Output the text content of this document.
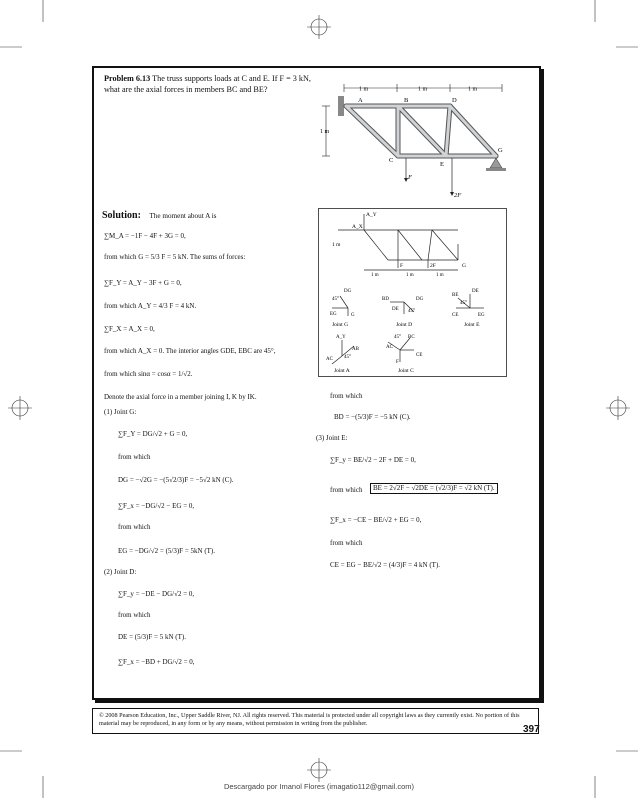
Problem 6.13 The truss supports loads at C and E. If F = 3 kN, what are the axial forces in members BC and BE?	1 m	1 m	1 m
1 m
A	B	D
C
E
G
F
2F
Solution: The moment about A is
∑M_A = −1F − 4F + 3G = 0,
from which G = 5/3 F = 5 kN. The sums of forces:
∑F_Y = A_Y − 3F + G = 0,
from which A_Y = 4/3 F = 4 kN.
∑F_X = A_X = 0,
from which A_X = 0. The interior angles GDE, EBC are 45°,
from which sinα = cosα = 1/√2.
Denote the axial force in a member joining I, K by IK.
A_Y
A_X
1 m
1 m	1 m	1 m
F	2F	G
DG
45°
EG	G
Joint G
BD	DG
DE 45°
Joint D
DE
BE
45°
CE	EG
Joint E
A_Y
AB
AC 45°
Joint A
45° BC
AC
CE
F
Joint C
(1) Joint G:
∑F_Y = DG/√2 + G = 0,
from which
DG = −√2G = −(5√2/3)F = −5√2 kN (C).
∑F_x = −DG/√2 − EG = 0,
from which
EG = −DG/√2 = (5/3)F = 5kN (T).
(2) Joint D:
∑F_y = −DE − DG/√2 = 0,
from which
DE = (5/3)F = 5 kN (T).
∑F_x = −BD + DG/√2 = 0,
from which
BD = −(5/3)F = −5 kN (C).
(3) Joint E:
∑F_y = BE/√2 − 2F + DE = 0,
from which	BE = 2√2F − √2DE = (√2/3)F = √2 kN (T).
∑F_x = −CE − BE/√2 + EG = 0,
from which
CE = EG − BE/√2 = (4/3)F = 4 kN (T).
© 2008 Pearson Education, Inc., Upper Saddle River, NJ. All rights reserved. This material is protected under all copyright laws as they currently exist. No portion of this material may be reproduced, in any form or by any means, without permission in writing from the publisher.
397
Descargado por Imanol Flores (imagatio112@gmail.com)
